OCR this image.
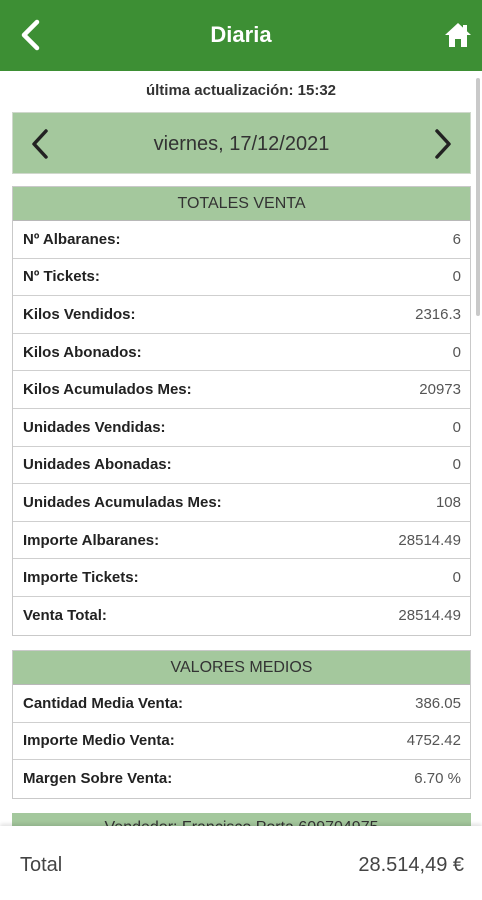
Diaria
última actualización: 15:32
viernes, 17/12/2021
TOTALES VENTA
Nº Albaranes:	6
Nº Tickets:	0
Kilos Vendidos:	2316.3
Kilos Abonados:	0
Kilos Acumulados Mes:	20973
Unidades Vendidas:	0
Unidades Abonadas:	0
Unidades Acumuladas Mes:	108
Importe Albaranes:	28514.49
Importe Tickets:	0
Venta Total:	28514.49
VALORES MEDIOS
Cantidad Media Venta:	386.05
Importe Medio Venta:	4752.42
Margen Sobre Venta:	6.70 %
Total	28.514,49 €
